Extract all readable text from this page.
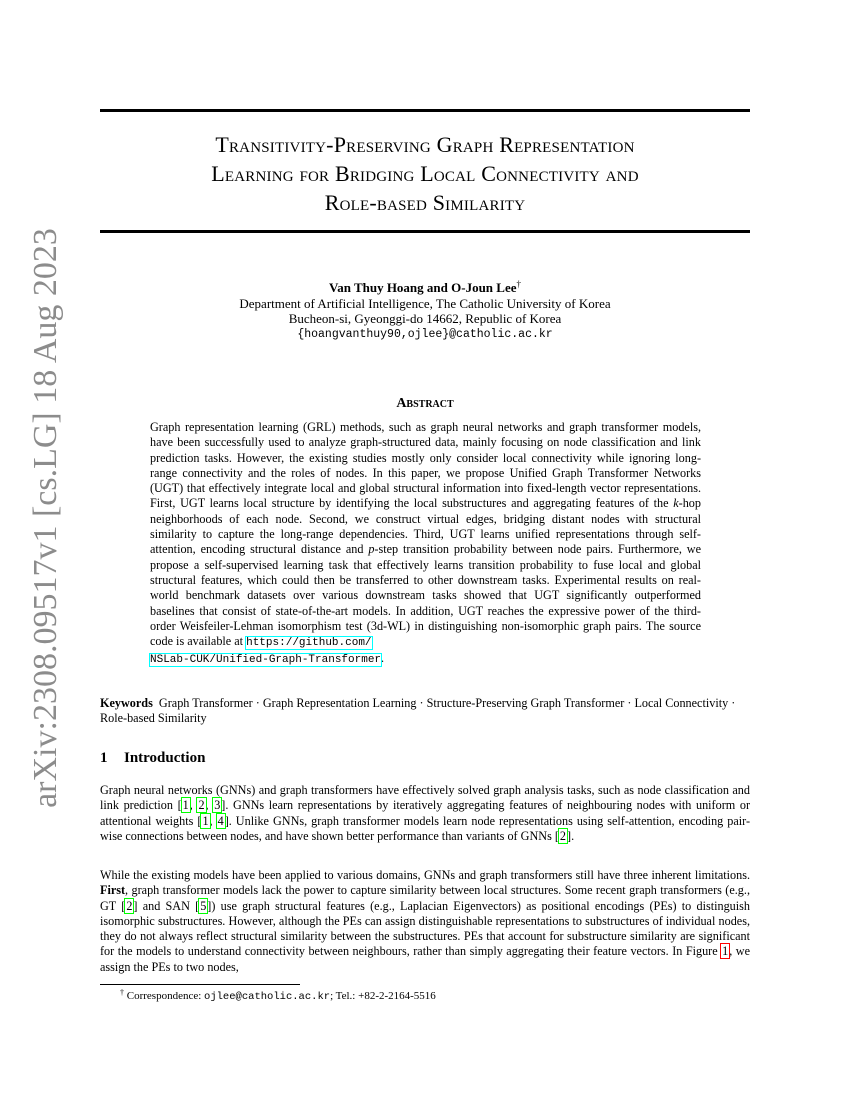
arXiv:2308.09517v1 [cs.LG] 18 Aug 2023
Transitivity-Preserving Graph Representation
Learning for Bridging Local Connectivity and
Role-based Similarity
Van Thuy Hoang and O-Joun Lee†
Department of Artificial Intelligence, The Catholic University of Korea
Bucheon-si, Gyeonggi-do 14662, Republic of Korea
{hoangvanthuy90,ojlee}@catholic.ac.kr
Abstract

Graph representation learning (GRL) methods, such as graph neural networks and graph transformer models, have been successfully used to analyze graph-structured data, mainly focusing on node classification and link prediction tasks. However, the existing studies mostly only consider local connectivity while ignoring long-range connectivity and the roles of nodes. In this paper, we propose Unified Graph Transformer Networks (UGT) that effectively integrate local and global structural information into fixed-length vector representations. First, UGT learns local structure by identifying the local substructures and aggregating features of the k-hop neighborhoods of each node. Second, we construct virtual edges, bridging distant nodes with structural similarity to capture the long-range dependencies. Third, UGT learns unified representations through self-attention, encoding structural distance and p-step transition probability between node pairs. Furthermore, we propose a self-supervised learning task that effectively learns transition probability to fuse local and global structural features, which could then be transferred to other downstream tasks. Experimental results on real-world benchmark datasets over various downstream tasks showed that UGT significantly outperformed baselines that consist of state-of-the-art models. In addition, UGT reaches the expressive power of the third-order Weisfeiler-Lehman isomorphism test (3d-WL) in distinguishing non-isomorphic graph pairs. The source code is available at https://github.com/
NSLab-CUK/Unified-Graph-Transformer.

Keywords Graph Transformer · Graph Representation Learning · Structure-Preserving Graph Transformer · Local Connectivity · Role-based Similarity

1 Introduction

Graph neural networks (GNNs) and graph transformers have effectively solved graph analysis tasks, such as node classification and link prediction [1, 2, 3]. GNNs learn representations by iteratively aggregating features of neighbouring nodes with uniform or attentional weights [1, 4]. Unlike GNNs, graph transformer models learn node representations using self-attention, encoding pair-wise connections between nodes, and have shown better performance than variants of GNNs [2].

While the existing models have been applied to various domains, GNNs and graph transformers still have three inherent limitations. First, graph transformer models lack the power to capture similarity between local structures. Some recent graph transformers (e.g., GT [2] and SAN [5]) use graph structural features (e.g., Laplacian Eigenvectors) as positional encodings (PEs) to distinguish isomorphic substructures. However, although the PEs can assign distinguishable representations to substructures of individual nodes, they do not always reflect structural similarity between the substructures. PEs that account for substructure similarity are significant for the models to understand connectivity between neighbours, rather than simply aggregating their feature vectors. In Figure 1, we assign the PEs to two nodes,

† Correspondence: ojlee@catholic.ac.kr; Tel.: +82-2-2164-5516
